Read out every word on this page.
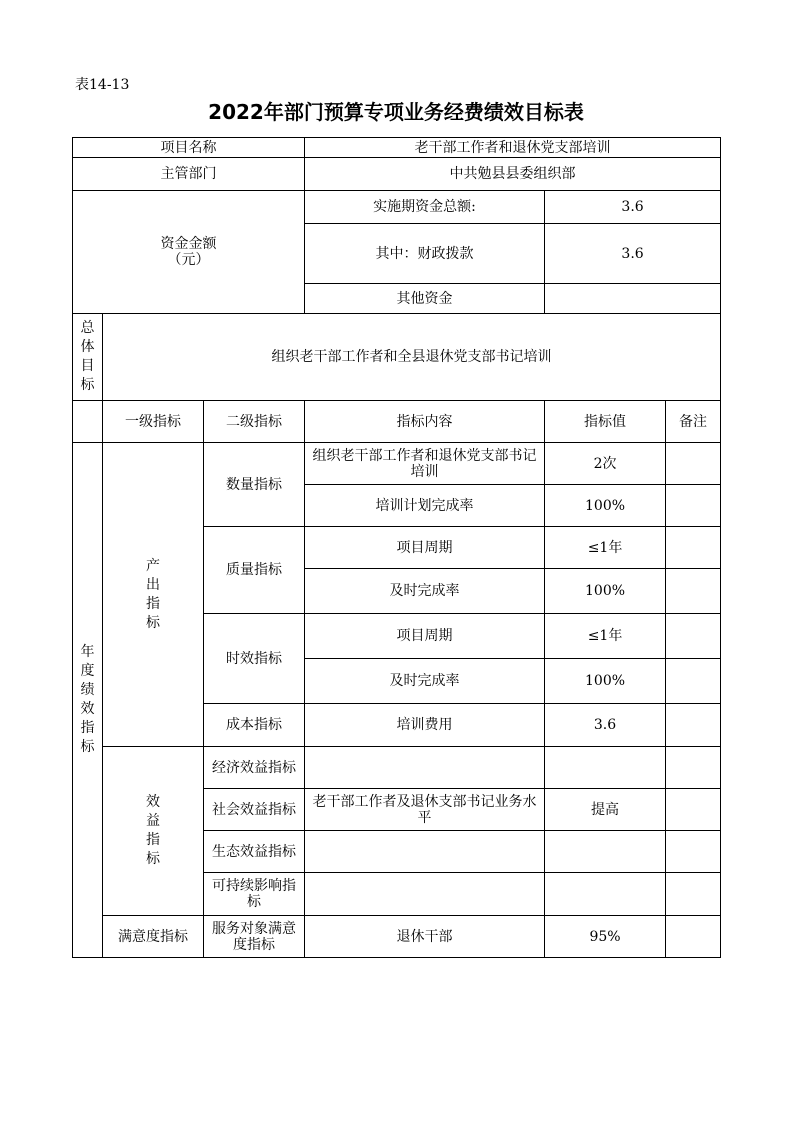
表14-13
2022年部门预算专项业务经费绩效目标表
项目名称			老干部工作者和退休党支部培训		
主管部门			中共勉县县委组织部		

资金金额
（元）			实施期资金总额:	3.6	
			其中：财政拨款	3.6	
			其他资金		
总体目标	组织老干部工作者和全县退休党支部书记培训				
	一级指标	二级指标	指标内容	指标值	备注
年度绩效指标	产出指标	数量指标	组织老干部工作者和退休党支部书记培训	2次	
			培训计划完成率	100%	
		质量指标	项目周期	≤1年	
			及时完成率	100%	
		时效指标	项目周期	≤1年	
			及时完成率	100%	
		成本指标	培训费用	3.6	
	效益指标	经济效益指标			
		社会效益指标	老干部工作者及退休支部书记业务水平	提高	
		生态效益指标			
		可持续影响指标			
	满意度指标	服务对象满意度指标	退休干部	95%	
